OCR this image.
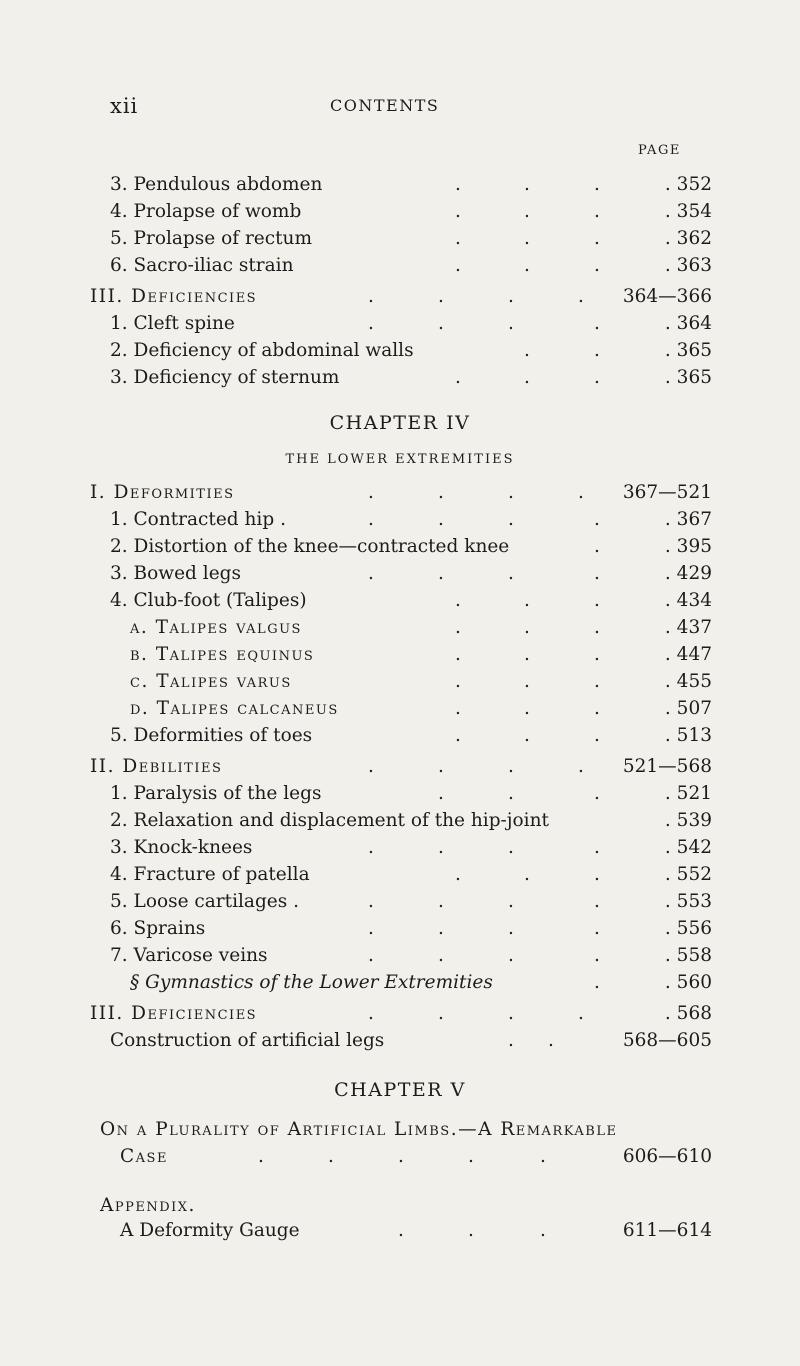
xii	CONTENTS
PAGE
3. Pendulous abdomen	.	.	.	. 352
4. Prolapse of womb	.	.	.	. 354
5. Prolapse of rectum	.	.	.	. 362
6. Sacro-iliac strain	.	.	.	. 363
III. Deficiencies	.	.	.	. 364—366
1. Cleft spine	.	.	.	.	. 364
2. Deficiency of abdominal walls	.	.	. 365
3. Deficiency of sternum	.	.	.	. 365
CHAPTER IV
THE LOWER EXTREMITIES
I. Deformities	.	.	.	. 367—521
1. Contracted hip .	.	.	.	.	. 367
2. Distortion of the knee—contracted knee	.	. 395
3. Bowed legs	.	.	.	.	. 429
4. Club-foot (Talipes)	.	.	.	. 434
a. Talipes valgus	.	.	.	. 437
b. Talipes equinus	.	.	.	. 447
c. Talipes varus	.	.	.	. 455
d. Talipes calcaneus	.	.	.	. 507
5. Deformities of toes	.	.	.	. 513
II. Debilities	.	.	.	. 521—568
1. Paralysis of the legs	.	.	.	. 521
2. Relaxation and displacement of the hip-joint	. 539
3. Knock-knees	.	.	.	.	. 542
4. Fracture of patella	.	.	.	. 552
5. Loose cartilages .	.	.	.	.	. 553
6. Sprains	.	.	.	.	. 556
7. Varicose veins	.	.	.	.	. 558
§ Gymnastics of the Lower Extremities	.	. 560
III. Deficiencies	.	.	.	.	. 568
Construction of artificial legs	. .	568—605
CHAPTER V
On a Plurality of Artificial Limbs.—A Remarkable
Case	.	.	.	.	.	606—610
Appendix.
A Deformity Gauge	.	.	.	611—614
